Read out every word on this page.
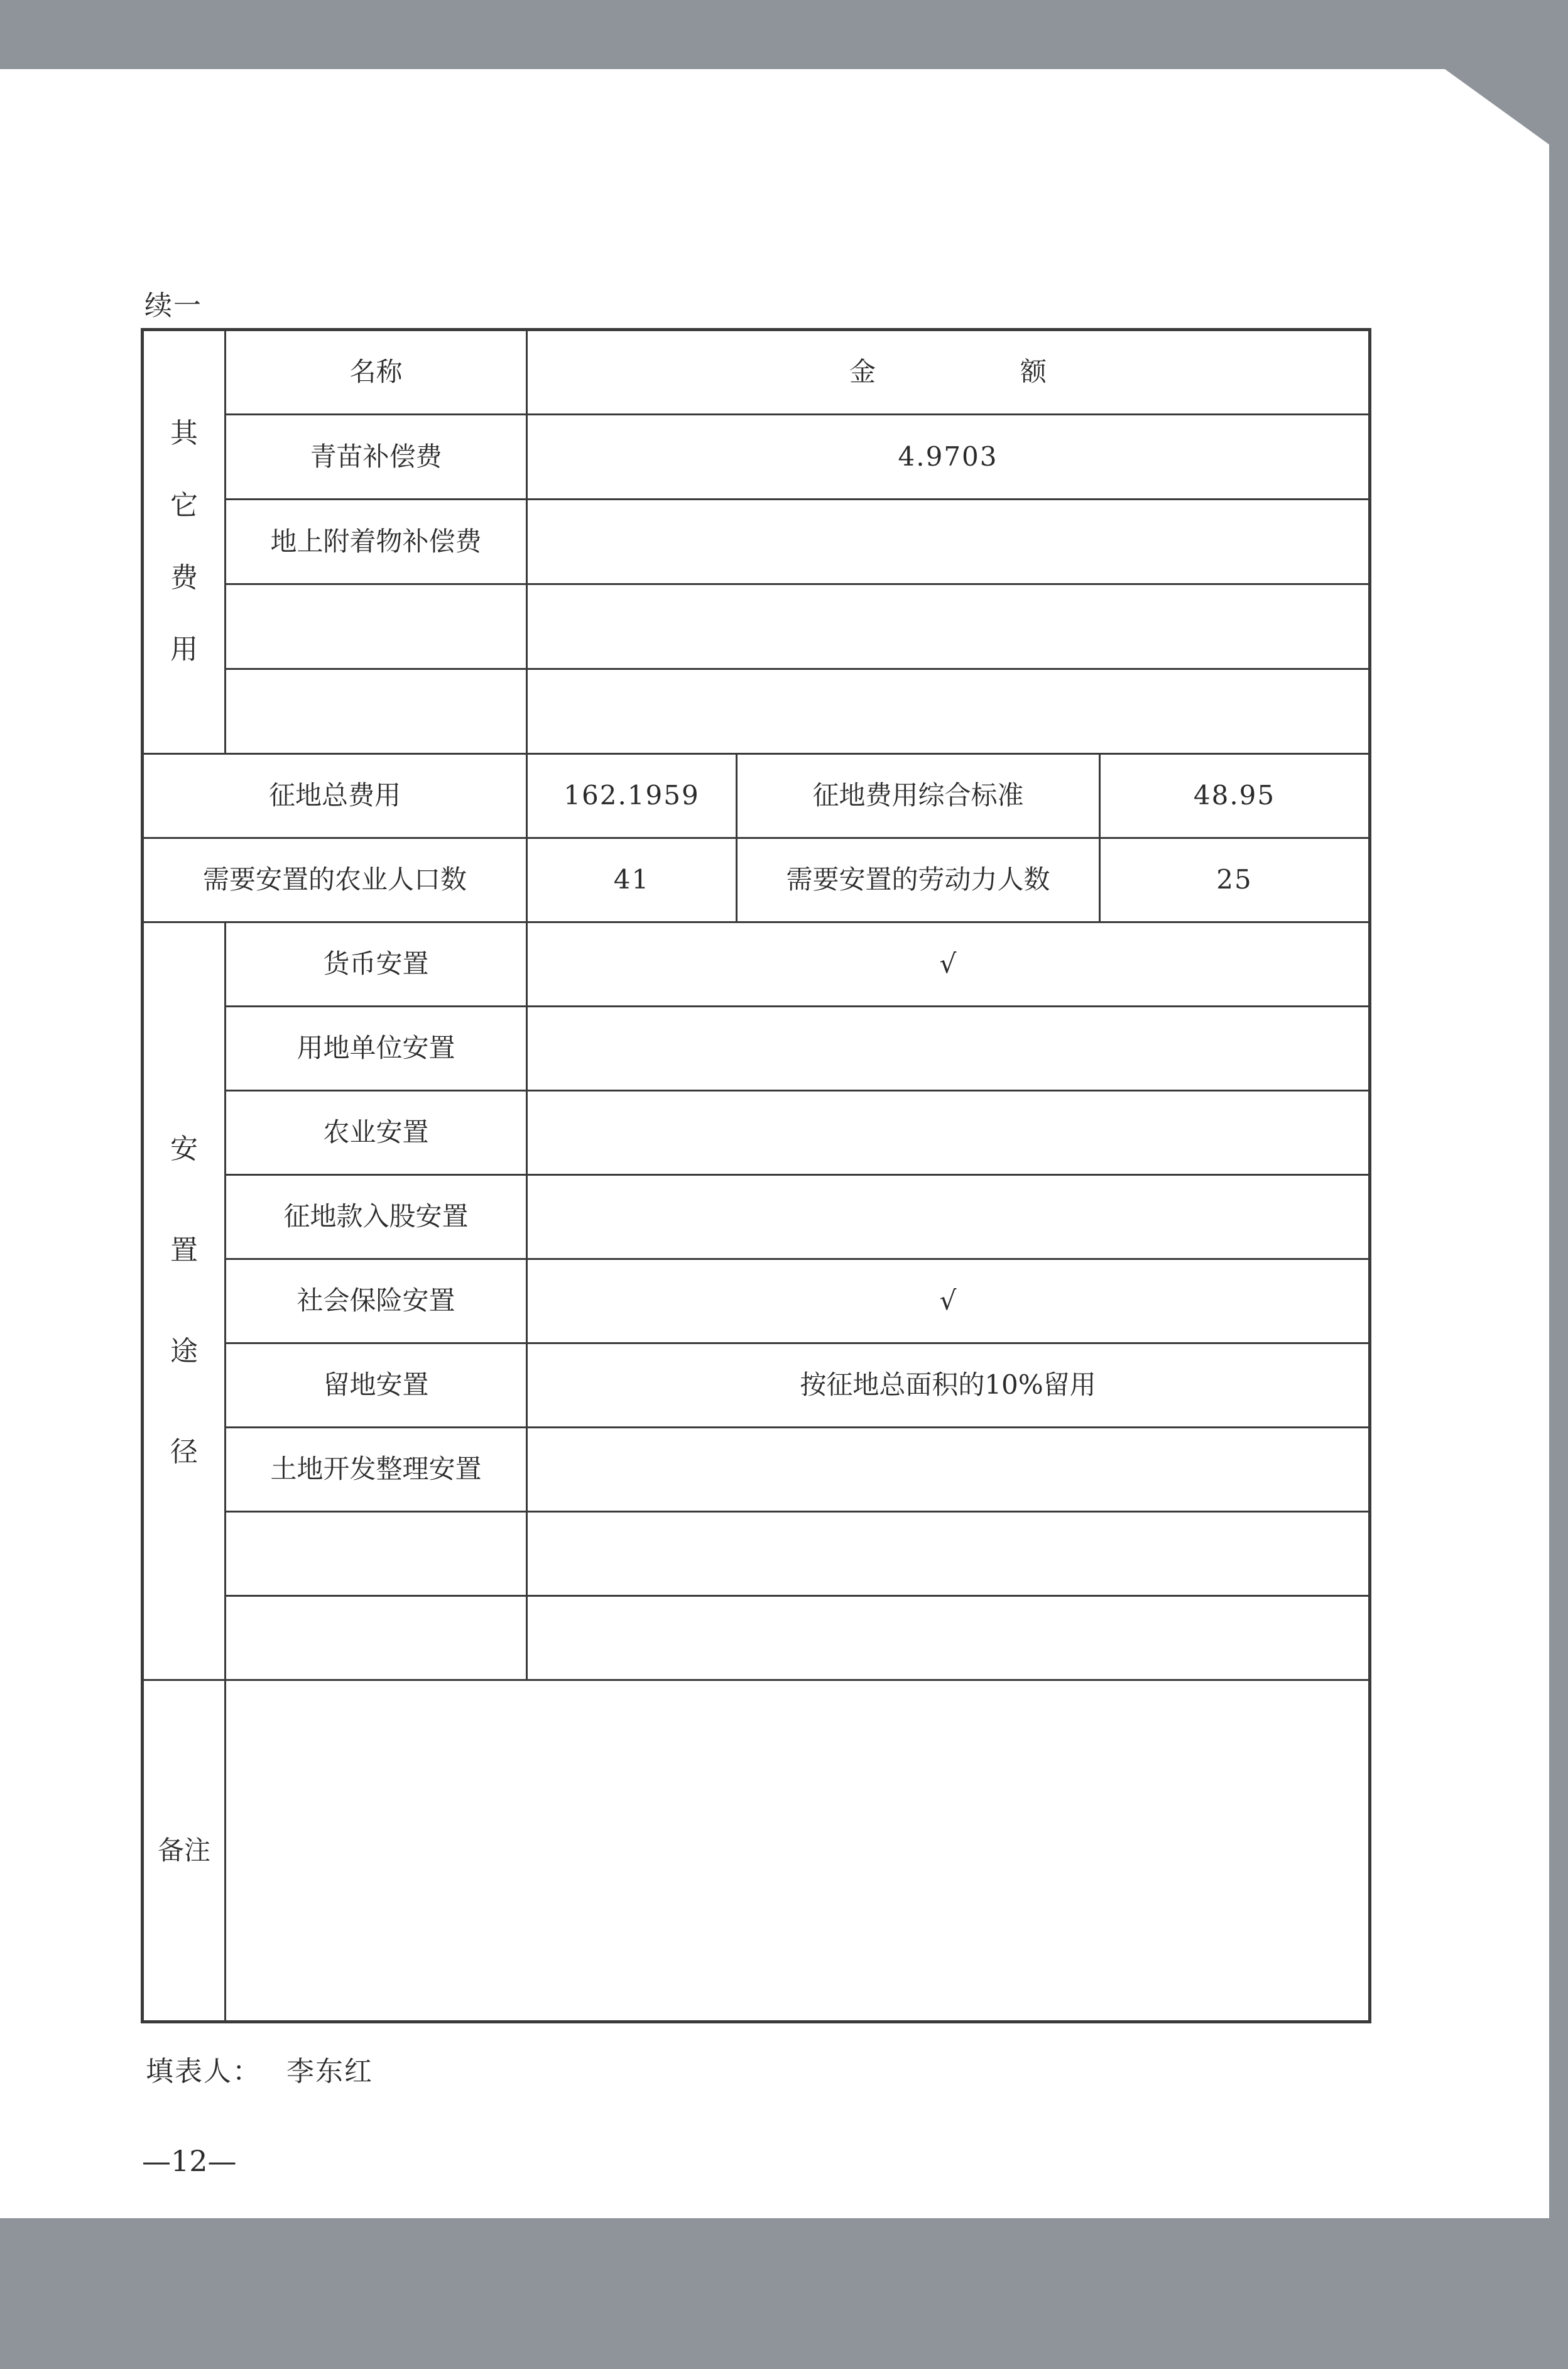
续一
其
它
费
用	名称	金 额		
	青苗补偿费	4.9703		
	地上附着物补偿费			

征地总费用		162.1959	征地费用综合标准	48.95
需要安置的农业人口数		41	需要安置的劳动力人数	25

安
置
途
径	货币安置	√		
	用地单位安置			
	农业安置			
	征地款入股安置			
	社会保险安置	√		
	留地安置	按征地总面积的10%留用		
	土地开发整理安置			

备注				
填表人： 李东红
—12—
